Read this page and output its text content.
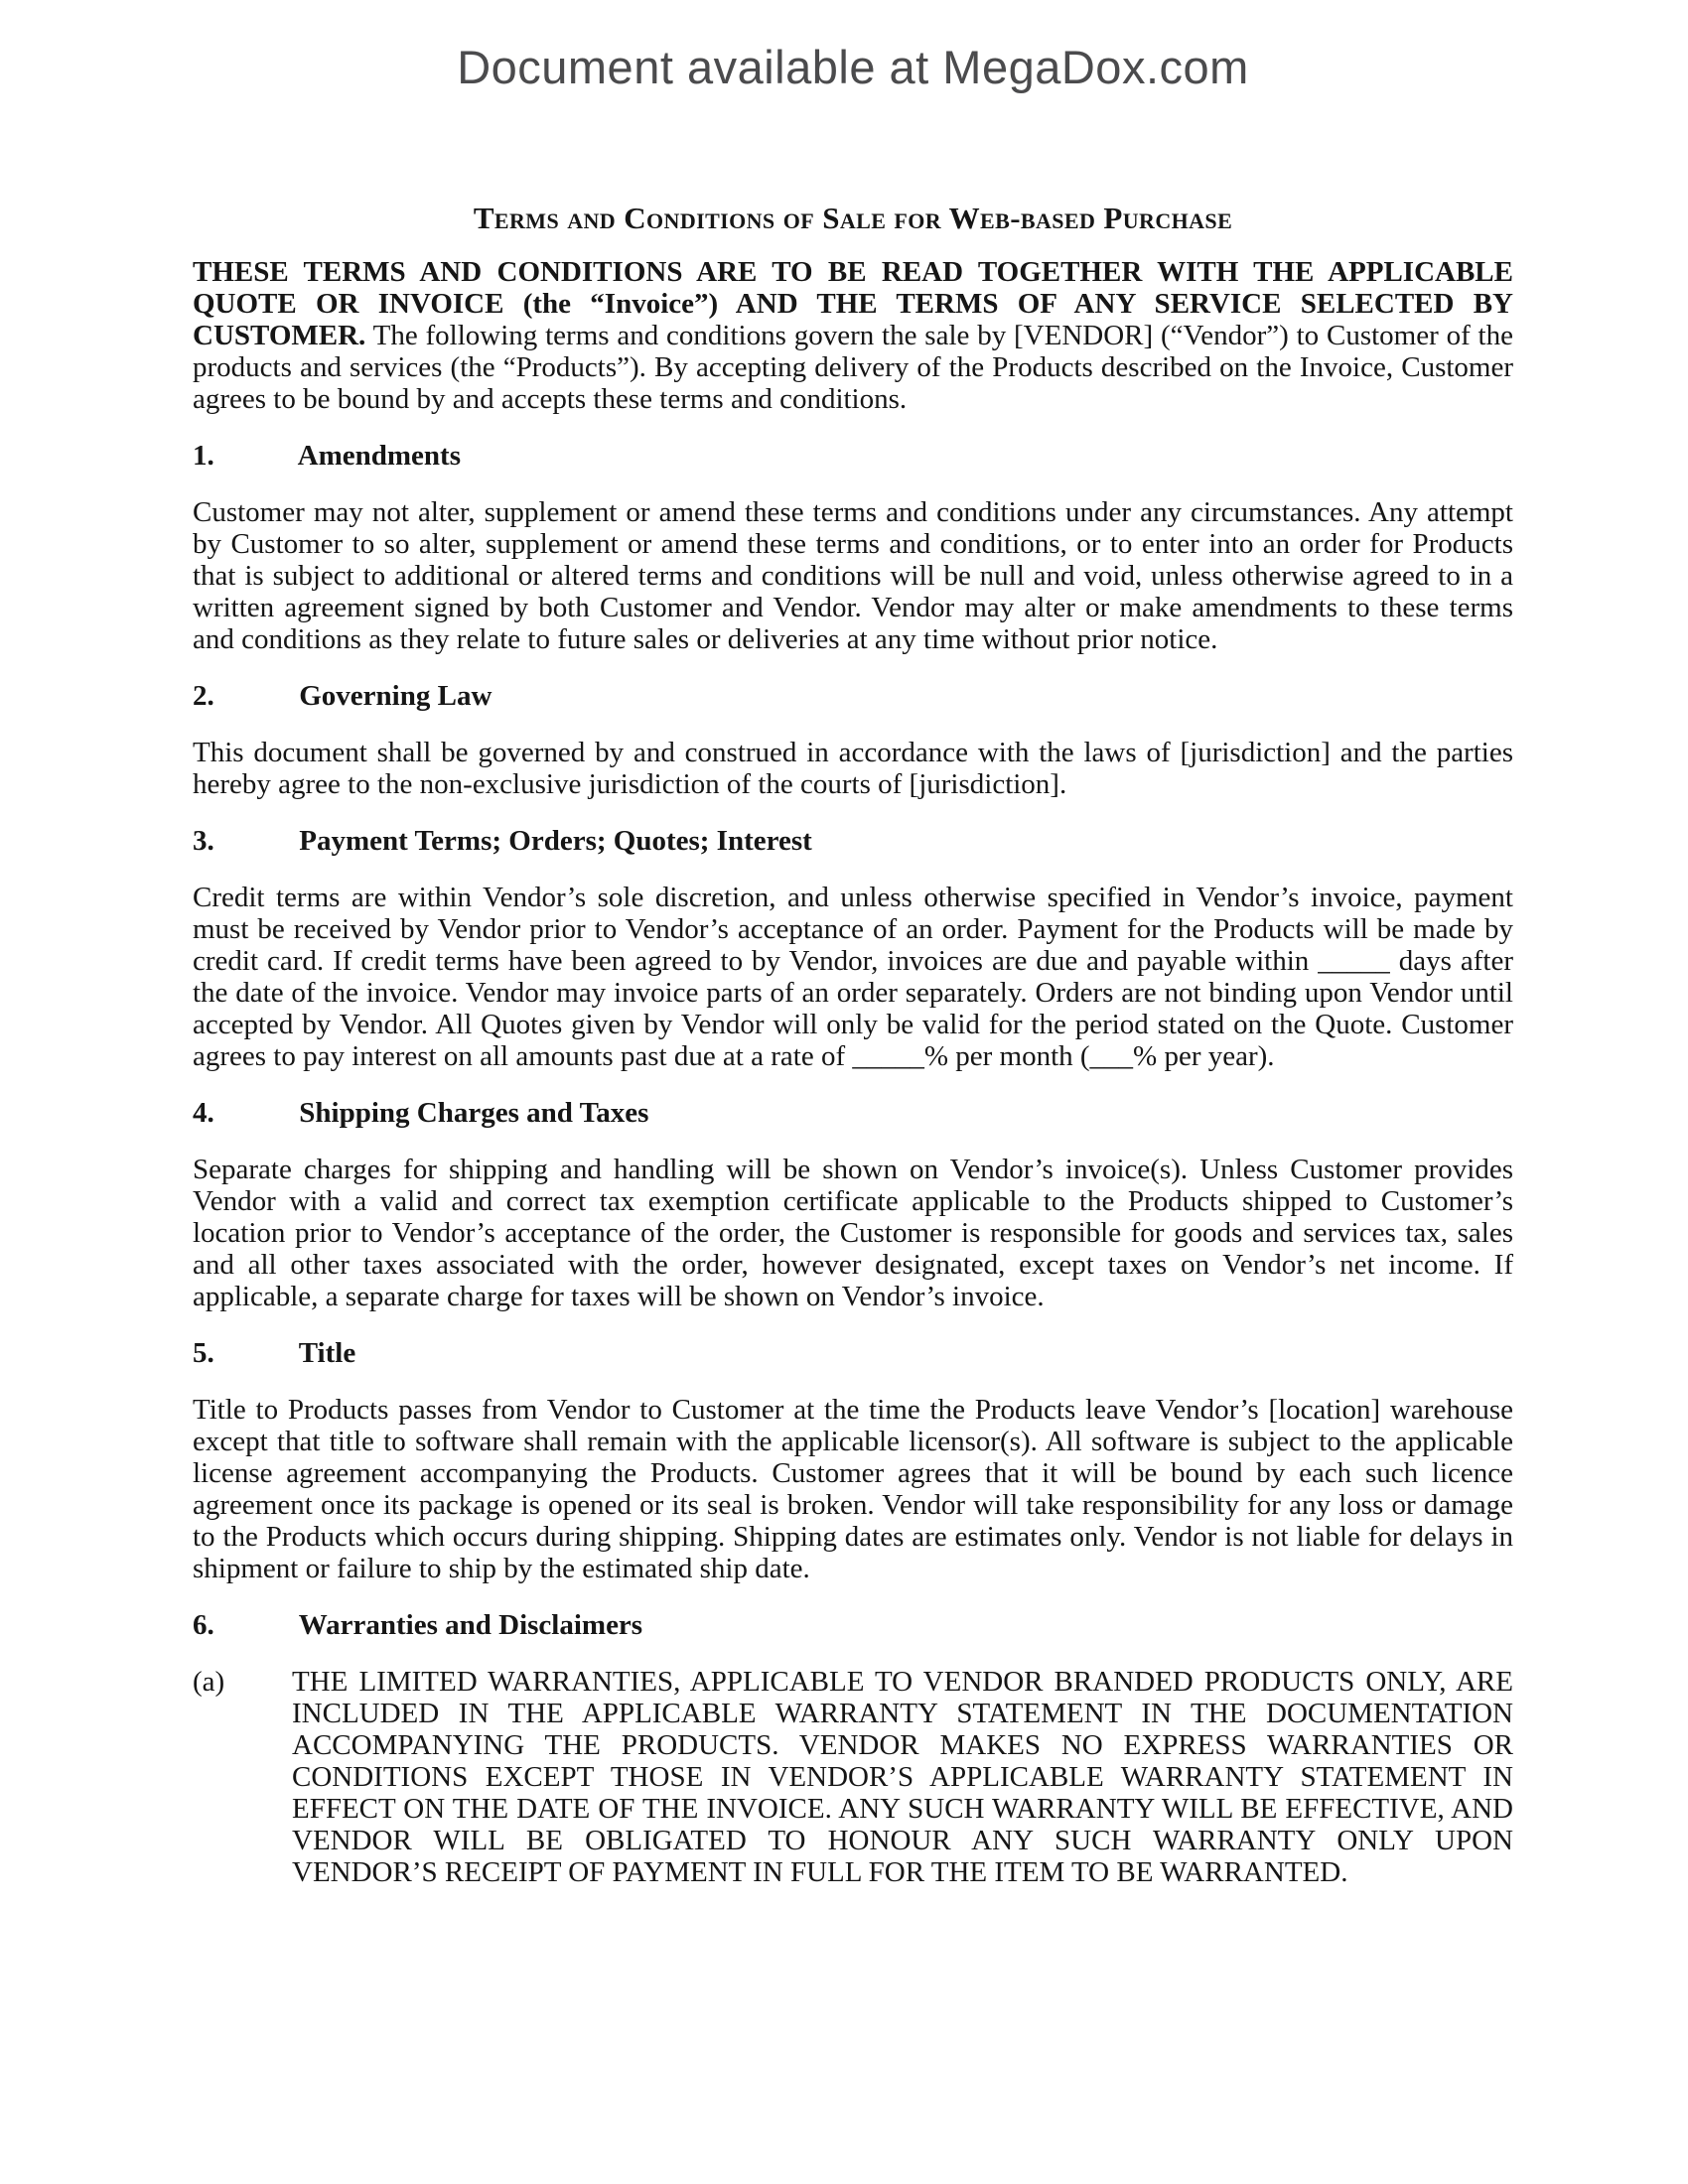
Document available at MegaDox.com
Terms and Conditions of Sale for Web-based Purchase

THESE TERMS AND CONDITIONS ARE TO BE READ TOGETHER WITH THE APPLICABLE QUOTE OR INVOICE (the “Invoice”) AND THE TERMS OF ANY SERVICE SELECTED BY CUSTOMER. The following terms and conditions govern the sale by [VENDOR] (“Vendor”) to Customer of the products and services (the “Products”). By accepting delivery of the Products described on the Invoice, Customer agrees to be bound by and accepts these terms and conditions.

1.	Amendments

Customer may not alter, supplement or amend these terms and conditions under any circumstances. Any attempt by Customer to so alter, supplement or amend these terms and conditions, or to enter into an order for Products that is subject to additional or altered terms and conditions will be null and void, unless otherwise agreed to in a written agreement signed by both Customer and Vendor. Vendor may alter or make amendments to these terms and conditions as they relate to future sales or deliveries at any time without prior notice.

2.	Governing Law

This document shall be governed by and construed in accordance with the laws of [jurisdiction] and the parties hereby agree to the non-exclusive jurisdiction of the courts of [jurisdiction].

3.	Payment Terms; Orders; Quotes; Interest

Credit terms are within Vendor’s sole discretion, and unless otherwise specified in Vendor’s invoice, payment must be received by Vendor prior to Vendor’s acceptance of an order. Payment for the Products will be made by credit card. If credit terms have been agreed to by Vendor, invoices are due and payable within _____ days after the date of the invoice. Vendor may invoice parts of an order separately. Orders are not binding upon Vendor until accepted by Vendor. All Quotes given by Vendor will only be valid for the period stated on the Quote. Customer agrees to pay interest on all amounts past due at a rate of _____% per month (___% per year).

4.	Shipping Charges and Taxes

Separate charges for shipping and handling will be shown on Vendor’s invoice(s). Unless Customer provides Vendor with a valid and correct tax exemption certificate applicable to the Products shipped to Customer’s location prior to Vendor’s acceptance of the order, the Customer is responsible for goods and services tax, sales and all other taxes associated with the order, however designated, except taxes on Vendor’s net income. If applicable, a separate charge for taxes will be shown on Vendor’s invoice.

5.	Title

Title to Products passes from Vendor to Customer at the time the Products leave Vendor’s [location] warehouse except that title to software shall remain with the applicable licensor(s). All software is subject to the applicable license agreement accompanying the Products. Customer agrees that it will be bound by each such licence agreement once its package is opened or its seal is broken. Vendor will take responsibility for any loss or damage to the Products which occurs during shipping. Shipping dates are estimates only. Vendor is not liable for delays in shipment or failure to ship by the estimated ship date.

6.	Warranties and Disclaimers
(a)	THE LIMITED WARRANTIES, APPLICABLE TO VENDOR BRANDED PRODUCTS ONLY, ARE INCLUDED IN THE APPLICABLE WARRANTY STATEMENT IN THE DOCUMENTATION ACCOMPANYING THE PRODUCTS. VENDOR MAKES NO EXPRESS WARRANTIES OR CONDITIONS EXCEPT THOSE IN VENDOR’S APPLICABLE WARRANTY STATEMENT IN EFFECT ON THE DATE OF THE INVOICE. ANY SUCH WARRANTY WILL BE EFFECTIVE, AND VENDOR WILL BE OBLIGATED TO HONOUR ANY SUCH WARRANTY ONLY UPON VENDOR’S RECEIPT OF PAYMENT IN FULL FOR THE ITEM TO BE WARRANTED.
